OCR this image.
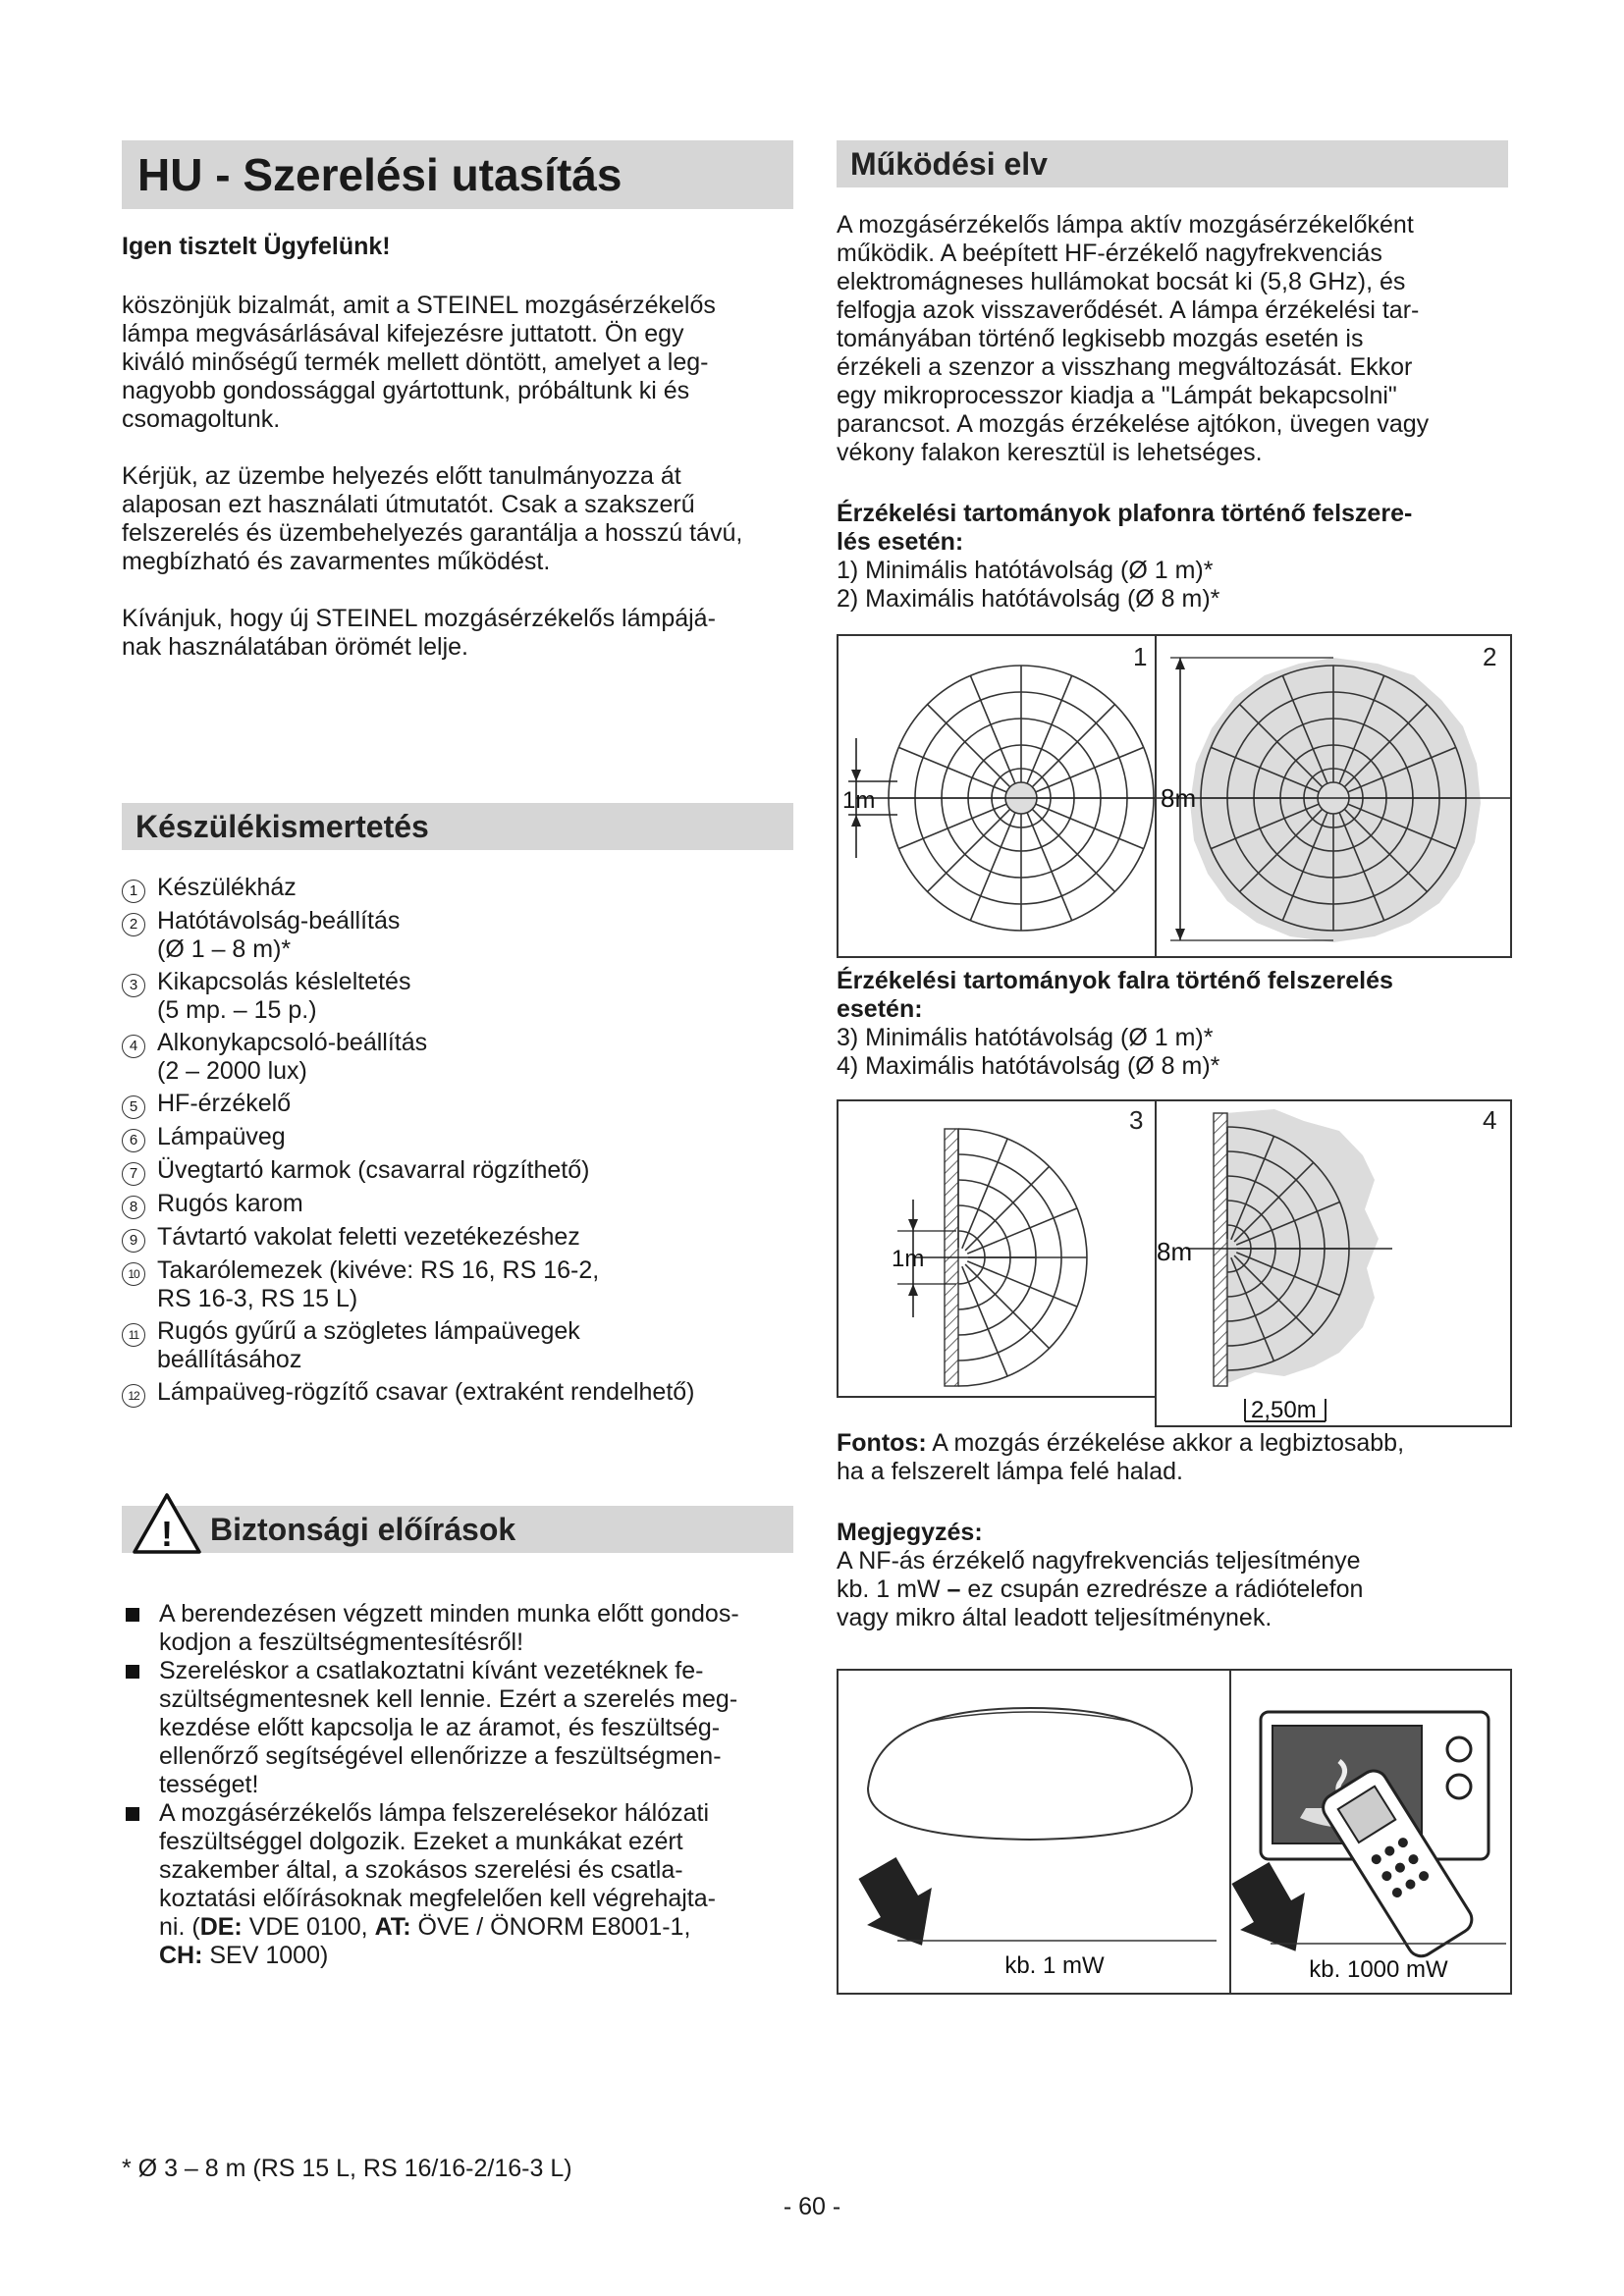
HU - Szerelési utasítás

Igen tisztelt Ügyfelünk!

köszönjük bizalmát, amit a STEINEL mozgásérzékelős
lámpa megvásárlásával kifejezésre juttatott. Ön egy
kiváló minőségű termék mellett döntött, amelyet a leg-
nagyobb gondossággal gyártottunk, próbáltunk ki és
csomagoltunk.
Kérjük, az üzembe helyezés előtt tanulmányozza át
alaposan ezt használati útmutatót. Csak a szakszerű
felszerelés és üzembehelyezés garantálja a hosszú távú,
megbízható és zavarmentes működést.
Kívánjuk, hogy új STEINEL mozgásérzékelős lámpájá-
nak használatában örömét lelje.
Készülékismertetés
1 Készülékház
2 Hatótávolság-beállítás
(Ø 1 – 8 m)*
3 Kikapcsolás késleltetés
(5 mp. – 15 p.)
4 Alkonykapcsoló-beállítás
(2 – 2000 lux)
5 HF-érzékelő
6 Lámpaüveg
7 Üvegtartó karmok (csavarral rögzíthető)
8 Rugós karom
9 Távtartó vakolat feletti vezetékezéshez
10 Takarólemezek (kivéve: RS 16, RS 16-2,
RS 16-3, RS 15 L)
11 Rugós gyűrű a szögletes lámpaüvegek
beállításához
12 Lámpaüveg-rögzítő csavar (extraként rendelhető)
Biztonsági előírások
!
A berendezésen végzett minden munka előtt gondos-
kodjon a feszültségmentesítésről!
Szereléskor a csatlakoztatni kívánt vezetéknek fe-
szültségmentesnek kell lennie. Ezért a szerelés meg-
kezdése előtt kapcsolja le az áramot, és feszültség-
ellenőrző segítségével ellenőrizze a feszültségmen-
tességet!
A mozgásérzékelős lámpa felszerelésekor hálózati
feszültséggel dolgozik. Ezeket a munkákat ezért
szakember által, a szokásos szerelési és csatla-
koztatási előírásoknak megfelelően kell végrehajta-
ni. (DE: VDE 0100, AT: ÖVE / ÖNORM E8001-1,
CH: SEV 1000)
Működési elv
A mozgásérzékelős lámpa aktív mozgásérzékelőként
működik. A beépített HF-érzékelő nagyfrekvenciás
elektromágneses hullámokat bocsát ki (5,8 GHz), és
felfogja azok visszaverődését. A lámpa érzékelési tar-
tományában történő legkisebb mozgás esetén is
érzékeli a szenzor a visszhang megváltozását. Ekkor
egy mikroprocesszor kiadja a "Lámpát bekapcsolni"
parancsot. A mozgás érzékelése ajtókon, üvegen vagy
vékony falakon keresztül is lehetséges.
Érzékelési tartományok plafonra történő felszere-
lés esetén:
1) Minimális hatótávolság (Ø 1 m)*
2) Maximális hatótávolság (Ø 8 m)*
1
1m
2
8m
Érzékelési tartományok falra történő felszerelés
esetén:
3) Minimális hatótávolság (Ø 1 m)*
4) Maximális hatótávolság (Ø 8 m)*
3
1m
4
8m
2,50m
Fontos: A mozgás érzékelése akkor a legbiztosabb,
ha a felszerelt lámpa felé halad.
Megjegyzés:
A NF-ás érzékelő nagyfrekvenciás teljesítménye
kb. 1 mW – ez csupán ezredrésze a rádiótelefon
vagy mikro által leadott teljesítménynek.
kb. 1 mW	kb. 1000 mW
* Ø 3 – 8 m (RS 15 L, RS 16/16-2/16-3 L)
- 60 -
